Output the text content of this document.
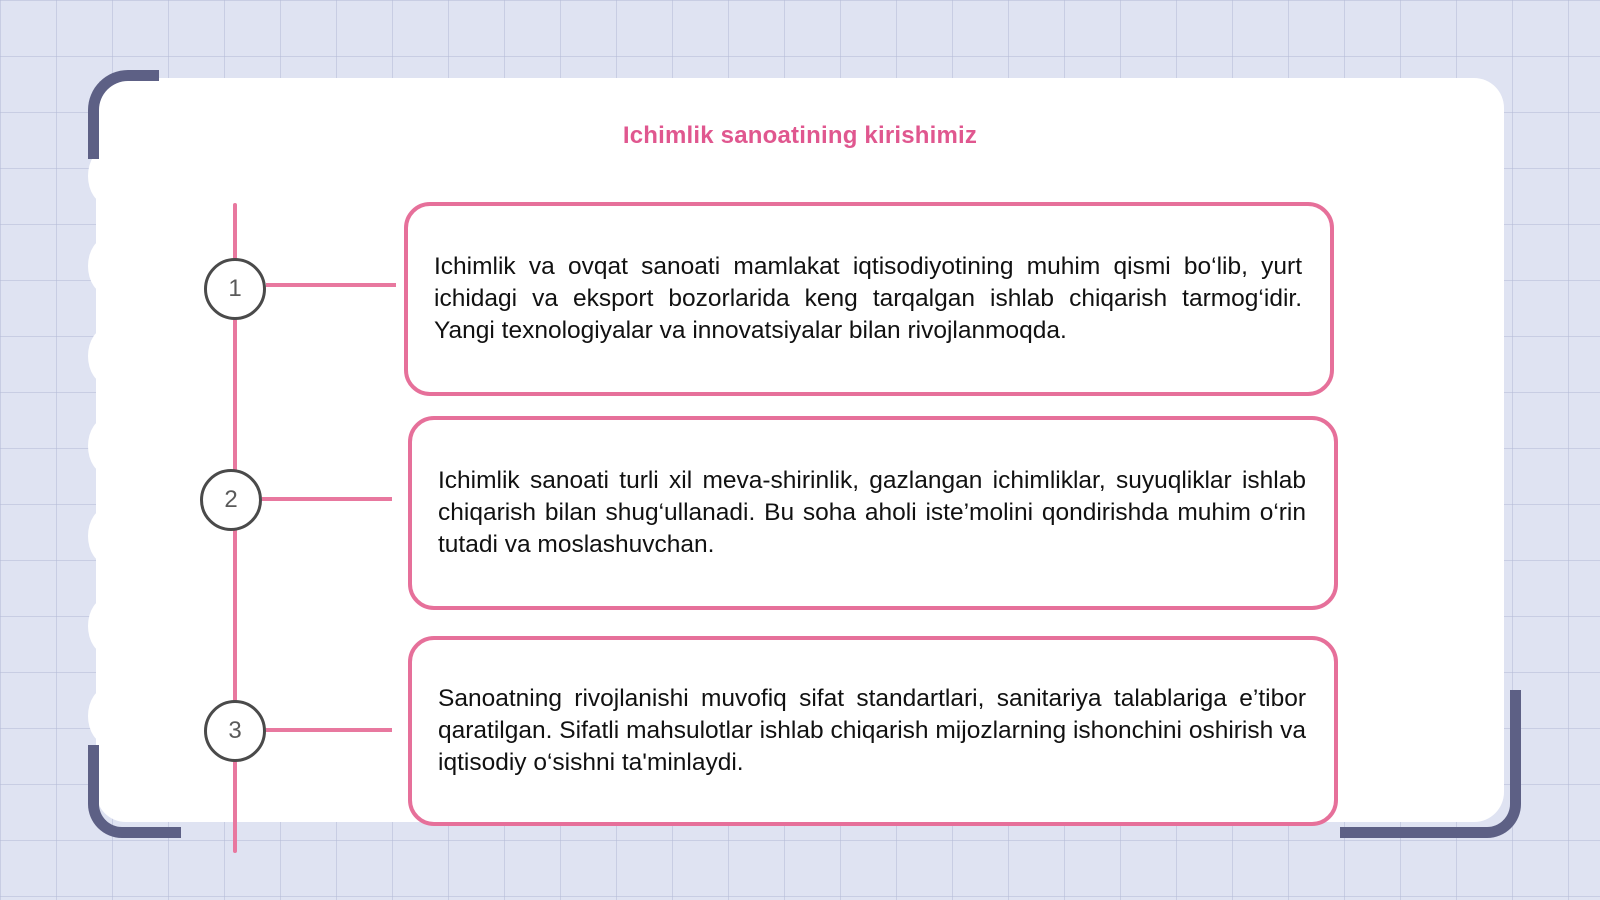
Ichimlik sanoatining kirishimiz
1
2
3

Ichimlik va ovqat sanoati mamlakat iqtisodiyotining muhim qismi bo‘lib, yurt ichidagi va eksport bozorlarida keng tarqalgan ishlab chiqarish tarmog‘idir. Yangi texnologiyalar va innovatsiyalar bilan rivojlanmoqda.

Ichimlik sanoati turli xil meva-shirinlik, gazlangan ichimliklar, suyuqliklar ishlab chiqarish bilan shug‘ullanadi. Bu soha aholi iste’molini qondirishda muhim o‘rin tutadi va moslashuvchan.

Sanoatning rivojlanishi muvofiq sifat standartlari, sanitariya talablariga e’tibor qaratilgan. Sifatli mahsulotlar ishlab chiqarish mijozlarning ishonchini oshirish va iqtisodiy o‘sishni ta'minlaydi.
